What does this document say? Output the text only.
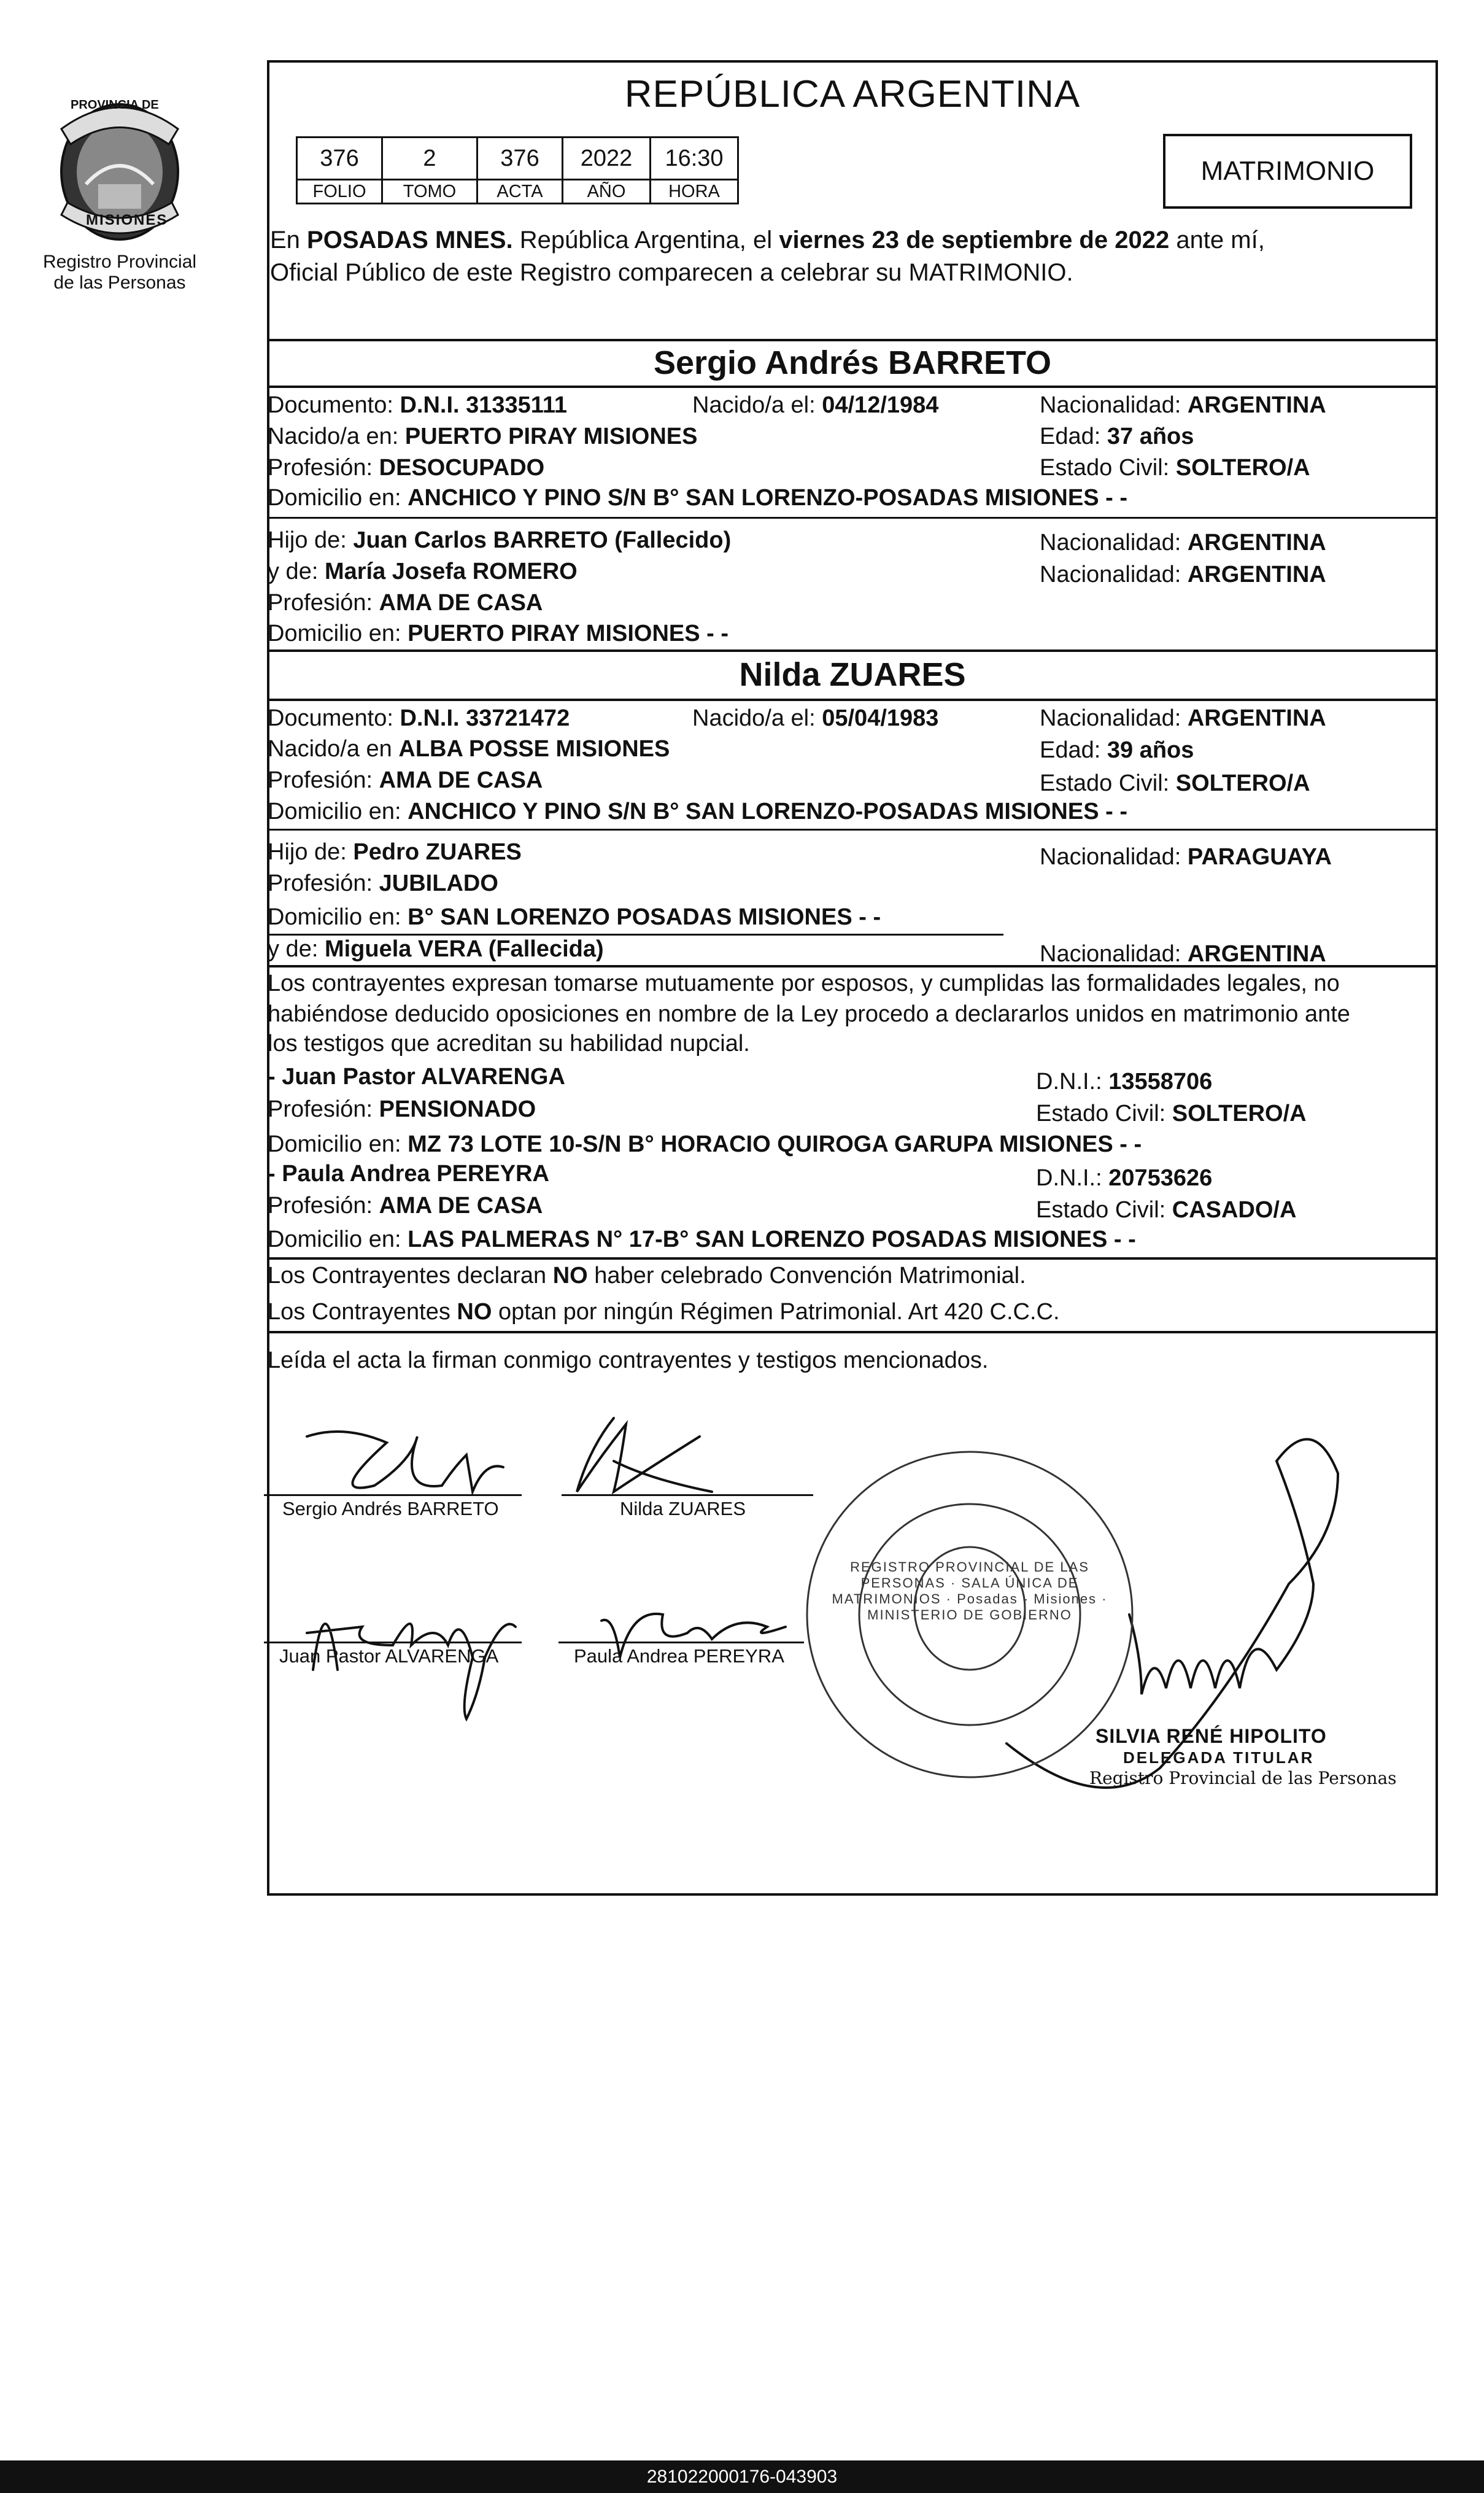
PROVINCIA DE
MISIONES
Registro Provincial
de las Personas
REPÚBLICA ARGENTINA
376	2	376	2022	16:30
FOLIO	TOMO	ACTA	AÑO	HORA
MATRIMONIO
En POSADAS MNES. República Argentina, el viernes 23 de septiembre de 2022 ante mí,
Oficial Público de este Registro comparecen a celebrar su MATRIMONIO.
Sergio Andrés BARRETO
Documento: D.N.I. 31335111	Nacido/a el: 04/12/1984	Nacionalidad: ARGENTINA
Nacido/a en: PUERTO PIRAY MISIONES	Edad: 37 años
Profesión: DESOCUPADO	Estado Civil: SOLTERO/A
Domicilio en: ANCHICO Y PINO S/N B° SAN LORENZO-POSADAS MISIONES - -
Hijo de: Juan Carlos BARRETO (Fallecido)	Nacionalidad: ARGENTINA
y de: María Josefa ROMERO	Nacionalidad: ARGENTINA
Profesión: AMA DE CASA
Domicilio en: PUERTO PIRAY MISIONES - -
Nilda ZUARES
Documento: D.N.I. 33721472	Nacido/a el: 05/04/1983	Nacionalidad: ARGENTINA
Nacido/a en ALBA POSSE MISIONES	Edad: 39 años
Profesión: AMA DE CASA	Estado Civil: SOLTERO/A
Domicilio en: ANCHICO Y PINO S/N B° SAN LORENZO-POSADAS MISIONES - -
Hijo de: Pedro ZUARES	Nacionalidad: PARAGUAYA
Profesión: JUBILADO
Domicilio en: B° SAN LORENZO POSADAS MISIONES - -
y de: Miguela VERA (Fallecida)	Nacionalidad: ARGENTINA
Los contrayentes expresan tomarse mutuamente por esposos, y cumplidas las formalidades legales, no
habiéndose deducido oposiciones en nombre de la Ley procedo a declararlos unidos en matrimonio ante
los testigos que acreditan su habilidad nupcial.
- Juan Pastor ALVARENGA	D.N.I.: 13558706
Profesión: PENSIONADO	Estado Civil: SOLTERO/A
Domicilio en: MZ 73 LOTE 10-S/N B° HORACIO QUIROGA GARUPA MISIONES - -
- Paula Andrea PEREYRA	D.N.I.: 20753626
Profesión: AMA DE CASA	Estado Civil: CASADO/A
Domicilio en: LAS PALMERAS N° 17-B° SAN LORENZO POSADAS MISIONES - -
Los Contrayentes declaran NO haber celebrado Convención Matrimonial.
Los Contrayentes NO optan por ningún Régimen Patrimonial. Art 420 C.C.C.
Leída el acta la firman conmigo contrayentes y testigos mencionados.
Sergio Andrés BARRETO	Nilda ZUARES
Juan Pastor ALVARENGA	Paula Andrea PEREYRA
REGISTRO PROVINCIAL DE LAS PERSONAS · SALA ÚNICA DE MATRIMONIOS · Posadas - Misiones · MINISTERIO DE GOBIERNO
SILVIA RENÉ HIPOLITO
DELEGADA TITULAR
Registro Provincial de las Personas
281022000176-043903
